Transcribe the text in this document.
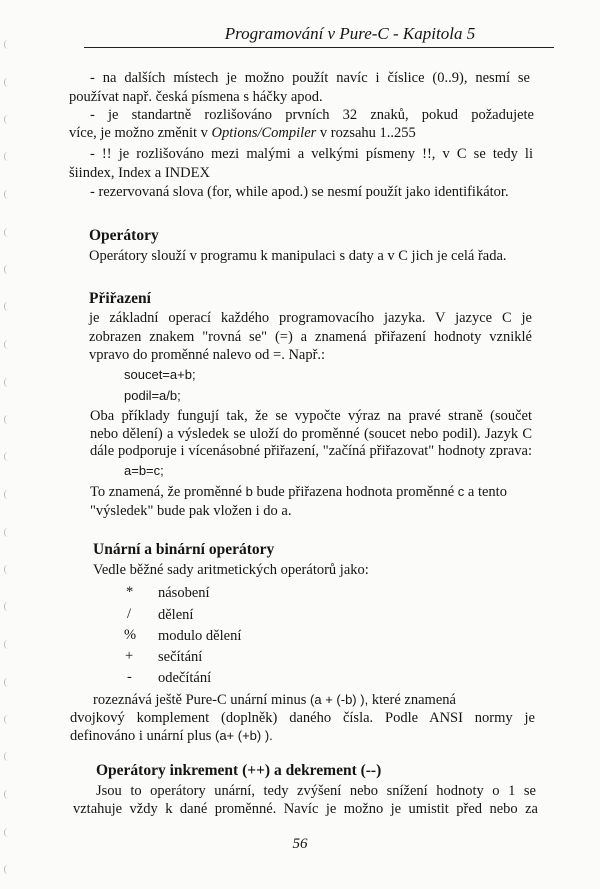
Programování v Pure-C - Kapitola 5
- na dalších místech je možno použít navíc i číslice (0..9), nesmí se
používat např. česká písmena s háčky apod.
- je standartně rozlišováno prvních 32 znaků, pokud požadujete
více, je možno změnit v Options/Compiler v rozsahu 1..255
- !! je rozlišováno mezi malými a velkými písmeny !!, v C se tedy li
šiindex, Index a INDEX
- rezervovaná slova (for, while apod.) se nesmí použít jako identifikátor.
Operátory
Operátory slouží v programu k manipulaci s daty a v C jich je celá řada.
Přiřazení
je základní operací každého programovacího jazyka. V jazyce C je
zobrazen znakem "rovná se" (=) a znamená přiřazení hodnoty vzniklé
vpravo do proměnné nalevo od =. Např.:
soucet=a+b;
podil=a/b;
Oba příklady fungují tak, že se vypočte výraz na pravé straně (součet
nebo dělení) a výsledek se uloží do proměnné (soucet nebo podil). Jazyk C
dále podporuje i vícenásobné přiřazení, "začíná přiřazovat" hodnoty zprava:
a=b=c;
To znamená, že proměnné b bude přiřazena hodnota proměnné c a tento
"výsledek" bude pak vložen i do a.
Unární a binární operátory
Vedle běžné sady aritmetických operátorů jako:
* násobení
/ dělení
% modulo dělení
+ sečítání
- odečítání
rozeznává ještě Pure-C unární minus (a + (-b) ), které znamená
dvojkový komplement (doplněk) daného čísla. Podle ANSI normy je
definováno i unární plus (a+ (+b) ).
Operátory inkrement (++) a dekrement (--)
Jsou to operátory unární, tedy zvýšení nebo snížení hodnoty o 1 se
vztahuje vždy k dané proměnné. Navíc je možno je umistit před nebo za
56
